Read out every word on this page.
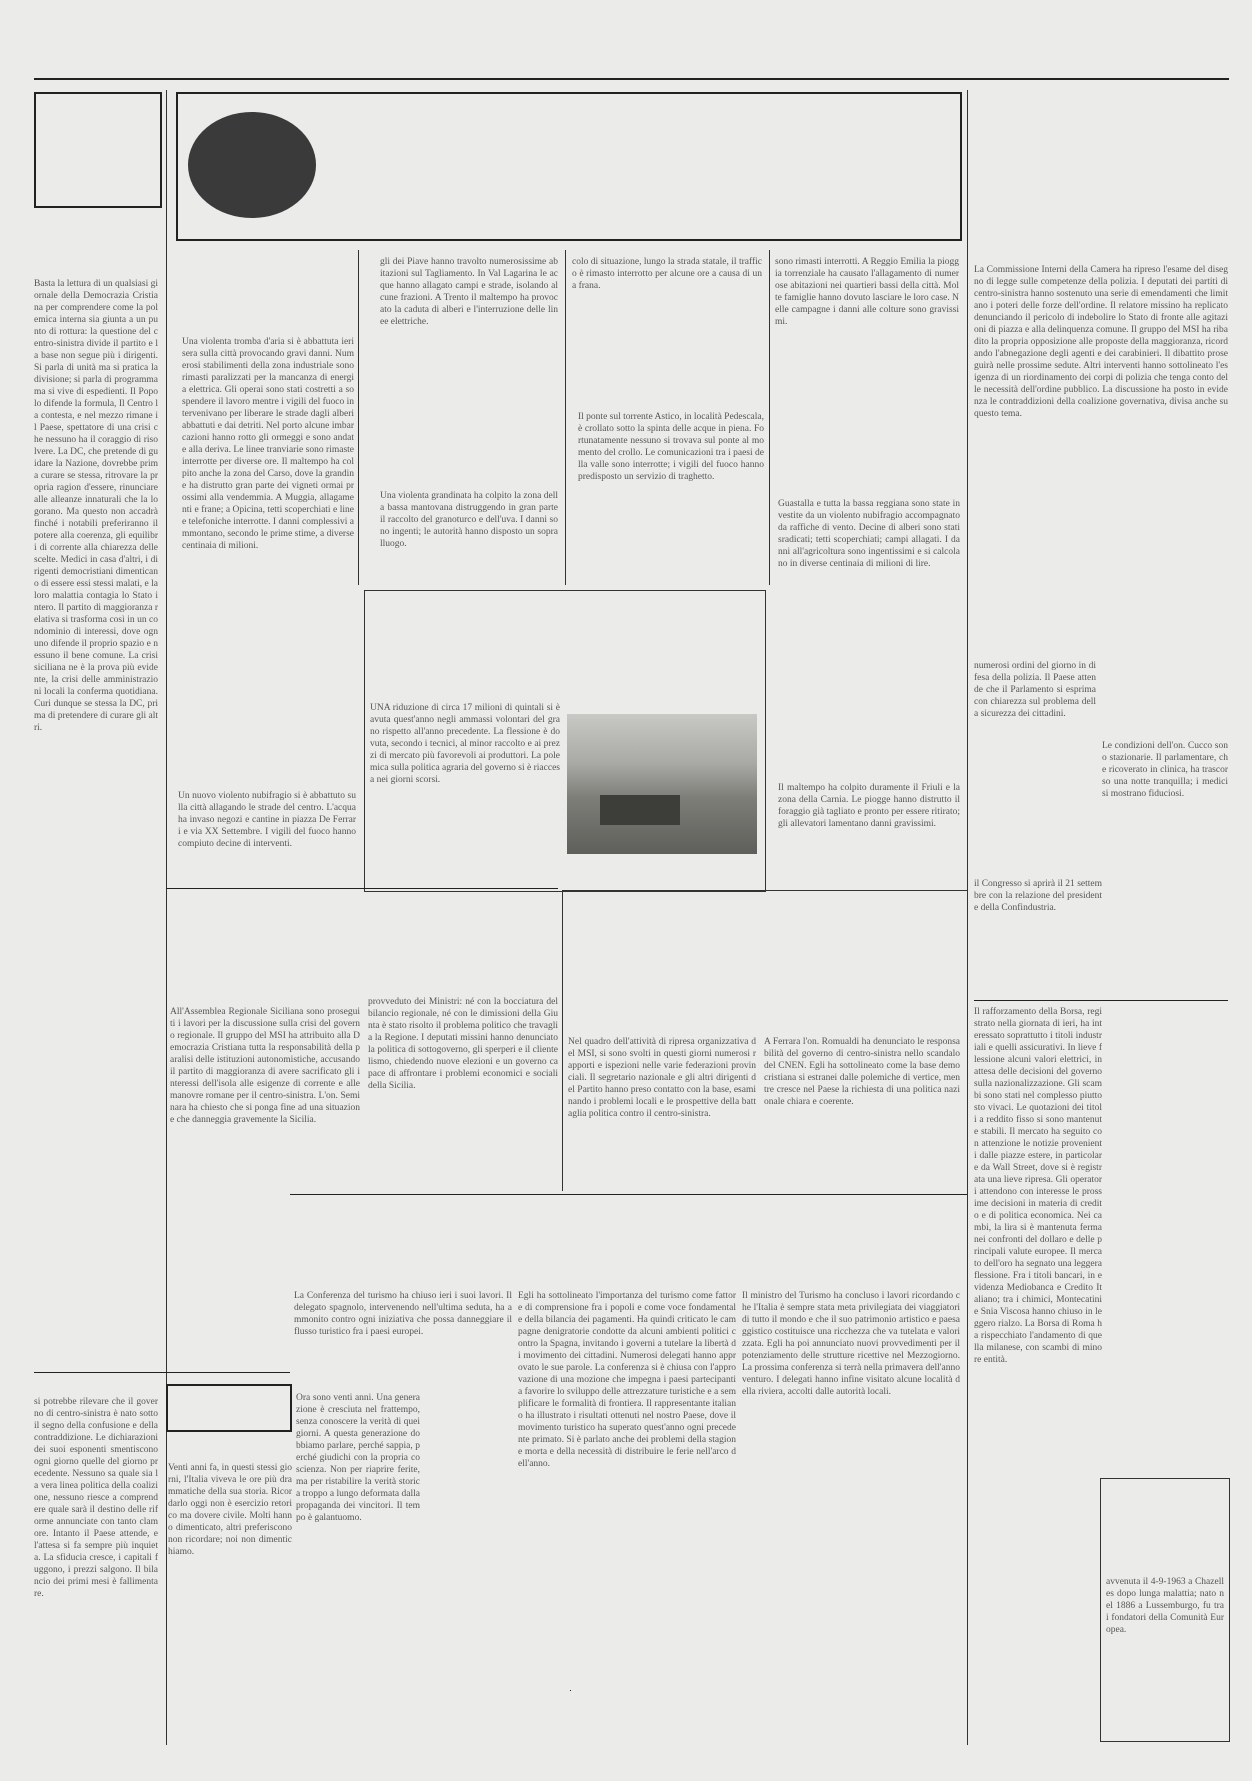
Basta la lettura di un qualsiasi giornale della Democrazia Cristiana per comprendere come la polemica interna sia giunta a un punto di rottura: la questione del centro-sinistra divide il partito e la base non segue più i dirigenti. Si parla di unità ma si pratica la divisione; si parla di programma ma si vive di espedienti. Il Popolo difende la formula, Il Centro la contesta, e nel mezzo rimane il Paese, spettatore di una crisi che nessuno ha il coraggio di risolvere. La DC, che pretende di guidare la Nazione, dovrebbe prima curare se stessa, ritrovare la propria ragion d'essere, rinunciare alle alleanze innaturali che la logorano. Ma questo non accadrà finché i notabili preferiranno il potere alla coerenza, gli equilibri di corrente alla chiarezza delle scelte. Medici in casa d'altri, i dirigenti democristiani dimenticano di essere essi stessi malati, e la loro malattia contagia lo Stato intero. Il partito di maggioranza relativa si trasforma così in un condominio di interessi, dove ognuno difende il proprio spazio e nessuno il bene comune. La crisi siciliana ne è la prova più evidente, la crisi delle amministrazioni locali la conferma quotidiana. Curi dunque se stessa la DC, prima di pretendere di curare gli altri.
Una violenta tromba d'aria si è abbattuta ieri sera sulla città provocando gravi danni. Numerosi stabilimenti della zona industriale sono rimasti paralizzati per la mancanza di energia elettrica. Gli operai sono stati costretti a sospendere il lavoro mentre i vigili del fuoco intervenivano per liberare le strade dagli alberi abbattuti e dai detriti. Nel porto alcune imbarcazioni hanno rotto gli ormeggi e sono andate alla deriva. Le linee tranviarie sono rimaste interrotte per diverse ore. Il maltempo ha colpito anche la zona del Carso, dove la grandine ha distrutto gran parte dei vigneti ormai prossimi alla vendemmia. A Muggia, allagamenti e frane; a Opicina, tetti scoperchiati e linee telefoniche interrotte. I danni complessivi ammontano, secondo le prime stime, a diverse centinaia di milioni.
Un nuovo violento nubifragio si è abbattuto sulla città allagando le strade del centro. L'acqua ha invaso negozi e cantine in piazza De Ferrari e via XX Settembre. I vigili del fuoco hanno compiuto decine di interventi.
Una violenta grandinata ha colpito la zona della bassa mantovana distruggendo in gran parte il raccolto del granoturco e dell'uva. I danni sono ingenti; le autorità hanno disposto un sopralluogo.
gli dei Piave hanno travolto numerosissime abitazioni sul Tagliamento. In Val Lagarina le acque hanno allagato campi e strade, isolando alcune frazioni. A Trento il maltempo ha provocato la caduta di alberi e l'interruzione delle linee elettriche.
colo di situazione, lungo la strada statale, il traffico è rimasto interrotto per alcune ore a causa di una frana.
Il ponte sul torrente Astico, in località Pedescala, è crollato sotto la spinta delle acque in piena. Fortunatamente nessuno si trovava sul ponte al momento del crollo. Le comunicazioni tra i paesi della valle sono interrotte; i vigili del fuoco hanno predisposto un servizio di traghetto.
sono rimasti interrotti. A Reggio Emilia la pioggia torrenziale ha causato l'allagamento di numerose abitazioni nei quartieri bassi della città. Molte famiglie hanno dovuto lasciare le loro case. Nelle campagne i danni alle colture sono gravissimi.
Guastalla e tutta la bassa reggiana sono state investite da un violento nubifragio accompagnato da raffiche di vento. Decine di alberi sono stati sradicati; tetti scoperchiati; campi allagati. I danni all'agricoltura sono ingentissimi e si calcolano in diverse centinaia di milioni di lire.
UNA riduzione di circa 17 milioni di quintali si è avuta quest'anno negli ammassi volontari del grano rispetto all'anno precedente. La flessione è dovuta, secondo i tecnici, al minor raccolto e ai prezzi di mercato più favorevoli ai produttori. La polemica sulla politica agraria del governo si è riaccesa nei giorni scorsi.
Il maltempo ha colpito duramente il Friuli e la zona della Carnia. Le piogge hanno distrutto il foraggio già tagliato e pronto per essere ritirato; gli allevatori lamentano danni gravissimi.
All'Assemblea Regionale Siciliana sono proseguiti i lavori per la discussione sulla crisi del governo regionale. Il gruppo del MSI ha attribuito alla Democrazia Cristiana tutta la responsabilità della paralisi delle istituzioni autonomistiche, accusando il partito di maggioranza di avere sacrificato gli interessi dell'isola alle esigenze di corrente e alle manovre romane per il centro-sinistra. L'on. Seminara ha chiesto che si ponga fine ad una situazione che danneggia gravemente la Sicilia.
provveduto dei Ministri: né con la bocciatura del bilancio regionale, né con le dimissioni della Giunta è stato risolto il problema politico che travaglia la Regione. I deputati missini hanno denunciato la politica di sottogoverno, gli sperperi e il clientelismo, chiedendo nuove elezioni e un governo capace di affrontare i problemi economici e sociali della Sicilia.
Nel quadro dell'attività di ripresa organizzativa del MSI, si sono svolti in questi giorni numerosi rapporti e ispezioni nelle varie federazioni provinciali. Il segretario nazionale e gli altri dirigenti del Partito hanno preso contatto con la base, esaminando i problemi locali e le prospettive della battaglia politica contro il centro-sinistra.
A Ferrara l'on. Romualdi ha denunciato le responsabilità del governo di centro-sinistra nello scandalo del CNEN. Egli ha sottolineato come la base democristiana si estranei dalle polemiche di vertice, mentre cresce nel Paese la richiesta di una politica nazionale chiara e coerente.
La Commissione Interni della Camera ha ripreso l'esame del disegno di legge sulle competenze della polizia. I deputati dei partiti di centro-sinistra hanno sostenuto una serie di emendamenti che limitano i poteri delle forze dell'ordine. Il relatore missino ha replicato denunciando il pericolo di indebolire lo Stato di fronte alle agitazioni di piazza e alla delinquenza comune. Il gruppo del MSI ha ribadito la propria opposizione alle proposte della maggioranza, ricordando l'abnegazione degli agenti e dei carabinieri. Il dibattito proseguirà nelle prossime sedute. Altri interventi hanno sottolineato l'esigenza di un riordinamento dei corpi di polizia che tenga conto delle necessità dell'ordine pubblico. La discussione ha posto in evidenza le contraddizioni della coalizione governativa, divisa anche su questo tema.
Le condizioni dell'on. Cucco sono stazionarie. Il parlamentare, che ricoverato in clinica, ha trascorso una notte tranquilla; i medici si mostrano fiduciosi.
numerosi ordini del giorno in difesa della polizia. Il Paese attende che il Parlamento si esprima con chiarezza sul problema della sicurezza dei cittadini.
il Congresso si aprirà il 21 settembre con la relazione del presidente della Confindustria.
Il rafforzamento della Borsa, registrato nella giornata di ieri, ha interessato soprattutto i titoli industriali e quelli assicurativi. In lieve flessione alcuni valori elettrici, in attesa delle decisioni del governo sulla nazionalizzazione. Gli scambi sono stati nel complesso piuttosto vivaci. Le quotazioni dei titoli a reddito fisso si sono mantenute stabili. Il mercato ha seguito con attenzione le notizie provenienti dalle piazze estere, in particolare da Wall Street, dove si è registrata una lieve ripresa. Gli operatori attendono con interesse le prossime decisioni in materia di credito e di politica economica. Nei cambi, la lira si è mantenuta ferma nei confronti del dollaro e delle principali valute europee. Il mercato dell'oro ha segnato una leggera flessione. Fra i titoli bancari, in evidenza Mediobanca e Credito Italiano; tra i chimici, Montecatini e Snia Viscosa hanno chiuso in leggero rialzo. La Borsa di Roma ha rispecchiato l'andamento di quella milanese, con scambi di minore entità.
avvenuta il 4-9-1963 a Chazelles dopo lunga malattia; nato nel 1886 a Lussemburgo, fu tra i fondatori della Comunità Europea.
La Conferenza del turismo ha chiuso ieri i suoi lavori. Il delegato spagnolo, intervenendo nell'ultima seduta, ha ammonito contro ogni iniziativa che possa danneggiare il flusso turistico fra i paesi europei.
Egli ha sottolineato l'importanza del turismo come fattore di comprensione fra i popoli e come voce fondamentale della bilancia dei pagamenti. Ha quindi criticato le campagne denigratorie condotte da alcuni ambienti politici contro la Spagna, invitando i governi a tutelare la libertà di movimento dei cittadini. Numerosi delegati hanno approvato le sue parole. La conferenza si è chiusa con l'approvazione di una mozione che impegna i paesi partecipanti a favorire lo sviluppo delle attrezzature turistiche e a semplificare le formalità di frontiera. Il rappresentante italiano ha illustrato i risultati ottenuti nel nostro Paese, dove il movimento turistico ha superato quest'anno ogni precedente primato. Si è parlato anche dei problemi della stagione morta e della necessità di distribuire le ferie nell'arco dell'anno.
Il ministro del Turismo ha concluso i lavori ricordando che l'Italia è sempre stata meta privilegiata dei viaggiatori di tutto il mondo e che il suo patrimonio artistico e paesaggistico costituisce una ricchezza che va tutelata e valorizzata. Egli ha poi annunciato nuovi provvedimenti per il potenziamento delle strutture ricettive nel Mezzogiorno. La prossima conferenza si terrà nella primavera dell'anno venturo. I delegati hanno infine visitato alcune località della riviera, accolti dalle autorità locali.
si potrebbe rilevare che il governo di centro-sinistra è nato sotto il segno della confusione e della contraddizione. Le dichiarazioni dei suoi esponenti smentiscono ogni giorno quelle del giorno precedente. Nessuno sa quale sia la vera linea politica della coalizione, nessuno riesce a comprendere quale sarà il destino delle riforme annunciate con tanto clamore. Intanto il Paese attende, e l'attesa si fa sempre più inquieta. La sfiducia cresce, i capitali fuggono, i prezzi salgono. Il bilancio dei primi mesi è fallimentare.
Venti anni fa, in questi stessi giorni, l'Italia viveva le ore più drammatiche della sua storia. Ricordarlo oggi non è esercizio retorico ma dovere civile. Molti hanno dimenticato, altri preferiscono non ricordare; noi non dimentichiamo.
Ora sono venti anni. Una generazione è cresciuta nel frattempo, senza conoscere la verità di quei giorni. A questa generazione dobbiamo parlare, perché sappia, perché giudichi con la propria coscienza. Non per riaprire ferite, ma per ristabilire la verità storica troppo a lungo deformata dalla propaganda dei vincitori. Il tempo è galantuomo.
